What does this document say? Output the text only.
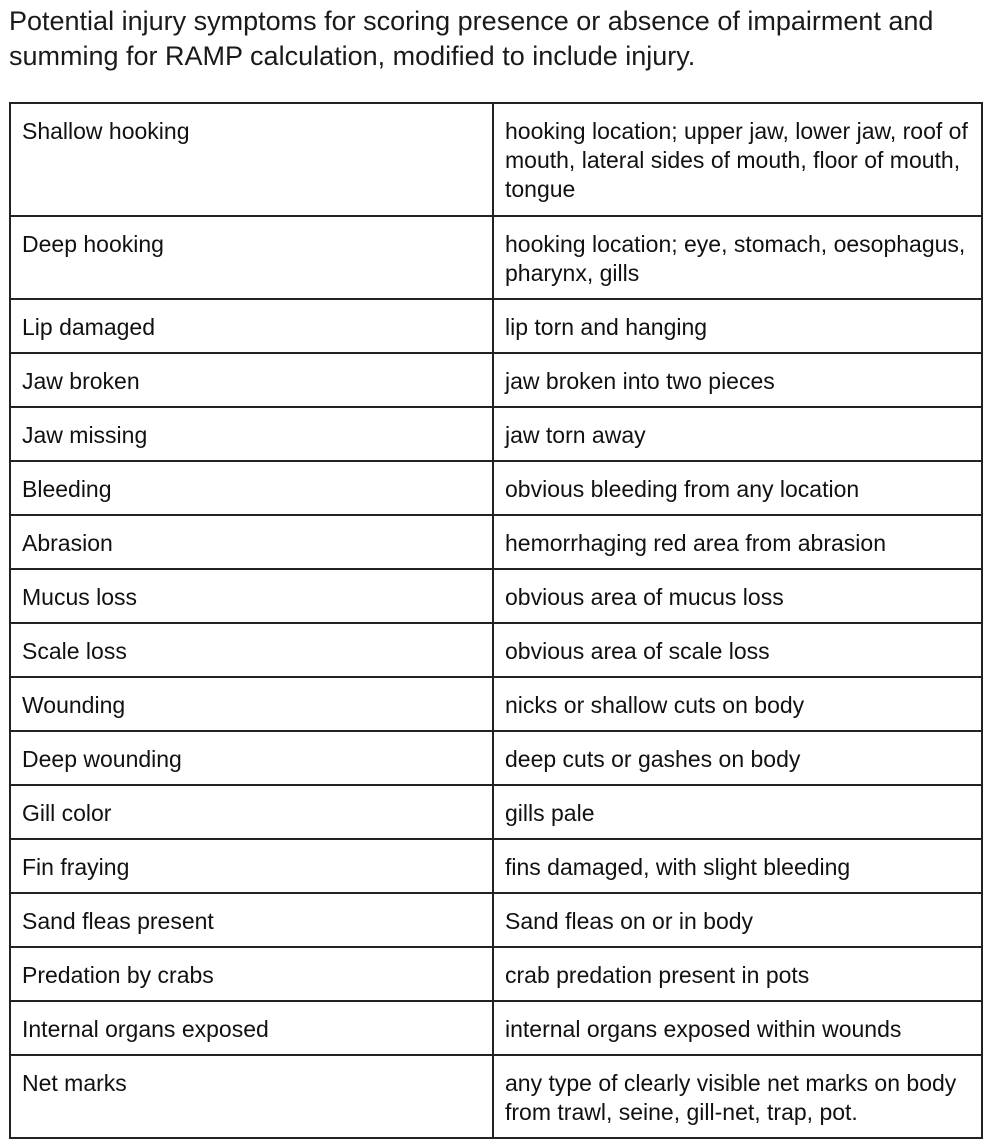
Potential injury symptoms for scoring presence or absence of impairment and summing for RAMP calculation, modified to include injury.

Shallow hooking	hooking location; upper jaw, lower jaw, roof of mouth, lateral sides of mouth, floor of mouth, tongue
Deep hooking	hooking location; eye, stomach, oesophagus, pharynx, gills
Lip damaged	lip torn and hanging
Jaw broken	jaw broken into two pieces
Jaw missing	jaw torn away
Bleeding	obvious bleeding from any location
Abrasion	hemorrhaging red area from abrasion
Mucus loss	obvious area of mucus loss
Scale loss	obvious area of scale loss
Wounding	nicks or shallow cuts on body
Deep wounding	deep cuts or gashes on body
Gill color	gills pale
Fin fraying	fins damaged, with slight bleeding
Sand fleas present	Sand fleas on or in body
Predation by crabs	crab predation present in pots
Internal organs exposed	internal organs exposed within wounds
Net marks	any type of clearly visible net marks on body from trawl, seine, gill-net, trap, pot.
